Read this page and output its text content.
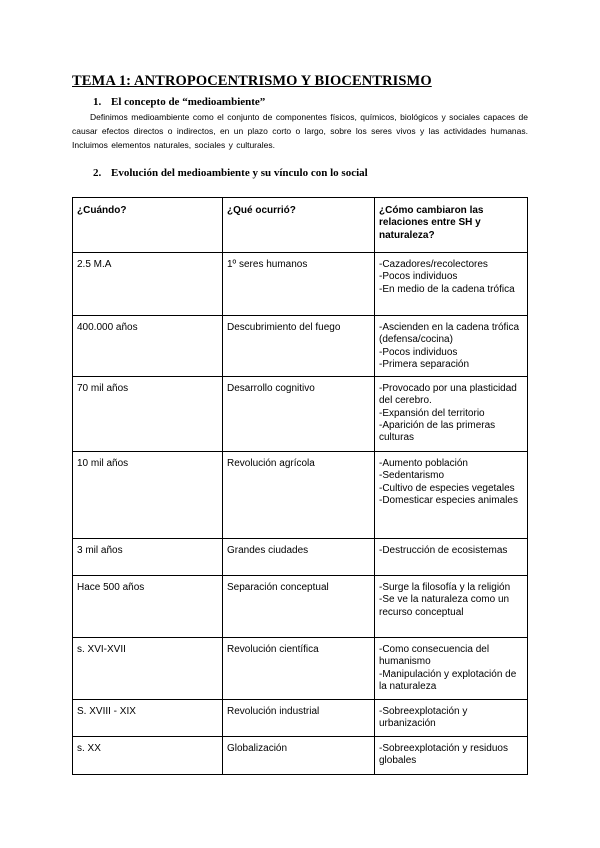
TEMA 1: ANTROPOCENTRISMO Y BIOCENTRISMO
1. El concepto de “medioambiente”
Definimos medioambiente como el conjunto de componentes físicos, químicos, biológicos y sociales capaces de causar efectos directos o indirectos, en un plazo corto o largo, sobre los seres vivos y las actividades humanas. Incluimos elementos naturales, sociales y culturales.
2. Evolución del medioambiente y su vínculo con lo social
¿Cuándo?	¿Qué ocurrió?	¿Cómo cambiaron las relaciones entre SH y naturaleza?
2.5 M.A	1º seres humanos	-Cazadores/recolectores
-Pocos individuos
-En medio de la cadena trófica

400.000 años	Descubrimiento del fuego	-Ascienden en la cadena trófica (defensa/cocina)
-Pocos individuos
-Primera separación

70 mil años	Desarrollo cognitivo	-Provocado por una plasticidad del cerebro.
-Expansión del territorio
-Aparición de las primeras culturas

10 mil años	Revolución agrícola	-Aumento población
-Sedentarismo
-Cultivo de especies vegetales
-Domesticar especies animales

3 mil años	Grandes ciudades	-Destrucción de ecosistemas

Hace 500 años	Separación conceptual	-Surge la filosofía y la religión
-Se ve la naturaleza como un recurso conceptual

s. XVI-XVII	Revolución científica	-Como consecuencia del humanismo
-Manipulación y explotación de la naturaleza

S. XVIII - XIX	Revolución industrial	-Sobreexplotación y urbanización

s. XX	Globalización	-Sobreexplotación y residuos globales
